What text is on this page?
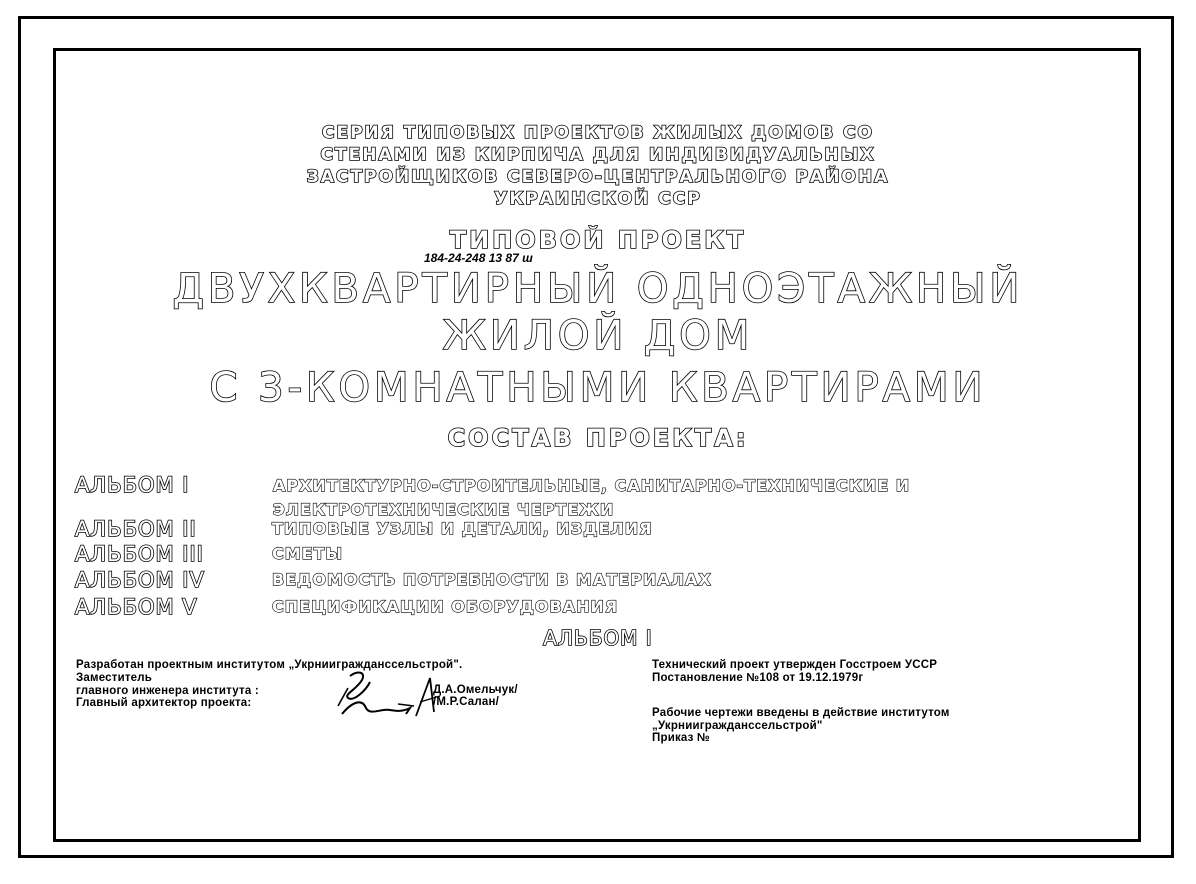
СЕРИЯ ТИПОВЫХ ПРОЕКТОВ ЖИЛЫХ ДОМОВ СО
СТЕНАМИ ИЗ КИРПИЧА ДЛЯ ИНДИВИДУАЛЬНЫХ
ЗАСТРОЙЩИКОВ СЕВЕРО-ЦЕНТРАЛЬНОГО РАЙОНА
УКРАИНСКОЙ ССР
ТИПОВОЙ ПРОЕКТ
184-24-248 13 87 ш
ДВУХКВАРТИРНЫЙ ОДНОЭТАЖНЫЙ
ЖИЛОЙ ДОМ
С 3-КОМНАТНЫМИ КВАРТИРАМИ
СОСТАВ ПРОЕКТА:
АЛЬБОМ I	АРХИТЕКТУРНО-СТРОИТЕЛЬНЫЕ, САНИТАРНО-ТЕХНИЧЕСКИЕ И
ЭЛЕКТРОТЕХНИЧЕСКИЕ ЧЕРТЕЖИ
АЛЬБОМ II	ТИПОВЫЕ УЗЛЫ И ДЕТАЛИ, ИЗДЕЛИЯ
АЛЬБОМ III	СМЕТЫ
АЛЬБОМ IV	ВЕДОМОСТЬ ПОТРЕБНОСТИ В МАТЕРИАЛАХ
АЛЬБОМ V	СПЕЦИФИКАЦИИ ОБОРУДОВАНИЯ
АЛЬБОМ I
Разработан проектным институтом „Укрниигражданссельстрой".
Заместитель
главного инженера института :
Главный архитектор проекта:
Д.А.Омельчук/
/М.Р.Салан/
Технический проект утвержден Госстроем УССР
Постановление №108 от 19.12.1979г
Рабочие чертежи введены в действие институтом
„Укрниигражданссельстрой"
Приказ №
